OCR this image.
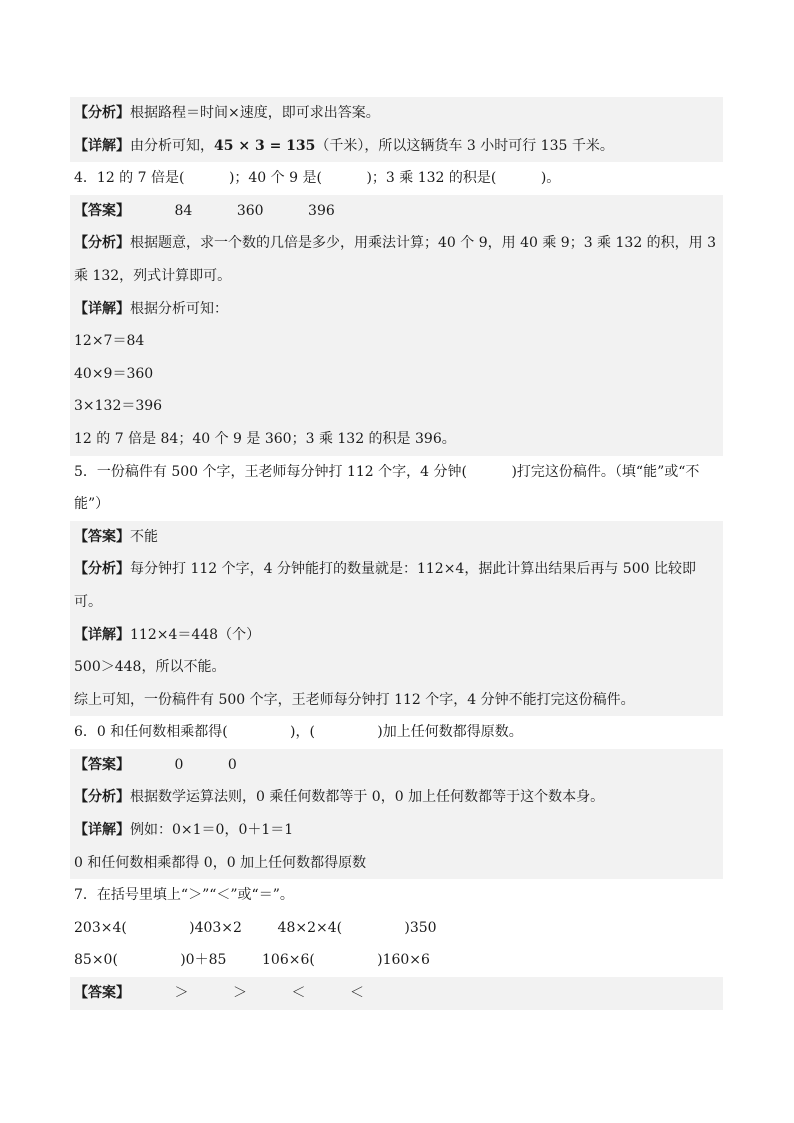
【分析】根据路程＝时间×速度，即可求出答案。
【详解】由分析可知，45 × 3 = 135（千米），所以这辆货车 3 小时可行 135 千米。
4．12 的 7 倍是(          )；40 个 9 是(          )；3 乘 132 的积是(          )。
【答案】          84          360          396
【分析】根据题意，求一个数的几倍是多少，用乘法计算；40 个 9，用 40 乘 9；3 乘 132 的积，用 3 乘 132，列式计算即可。
【详解】根据分析可知：
12×7＝84
40×9＝360
3×132＝396
12 的 7 倍是 84；40 个 9 是 360；3 乘 132 的积是 396。
5．一份稿件有 500 个字，王老师每分钟打 112 个字，4 分钟(          )打完这份稿件。（填“能”或“不能”）
【答案】不能
【分析】每分钟打 112 个字，4 分钟能打的数量就是：112×4，据此计算出结果后再与 500 比较即可。
【详解】112×4＝448（个）
500＞448，所以不能。
综上可知，一份稿件有 500 个字，王老师每分钟打 112 个字，4 分钟不能打完这份稿件。
6．0 和任何数相乘都得(              )，(              )加上任何数都得原数。
【答案】          0          0
【分析】根据数学运算法则，0 乘任何数都等于 0，0 加上任何数都等于这个数本身。
【详解】例如：0×1＝0，0＋1＝1
0 和任何数相乘都得 0，0 加上任何数都得原数
7．在括号里填上“＞”“＜”或“＝”。
203×4(              )403×2        48×2×4(              )350
85×0(              )0＋85        106×6(              )160×6
【答案】          ＞          ＞          ＜          ＜
